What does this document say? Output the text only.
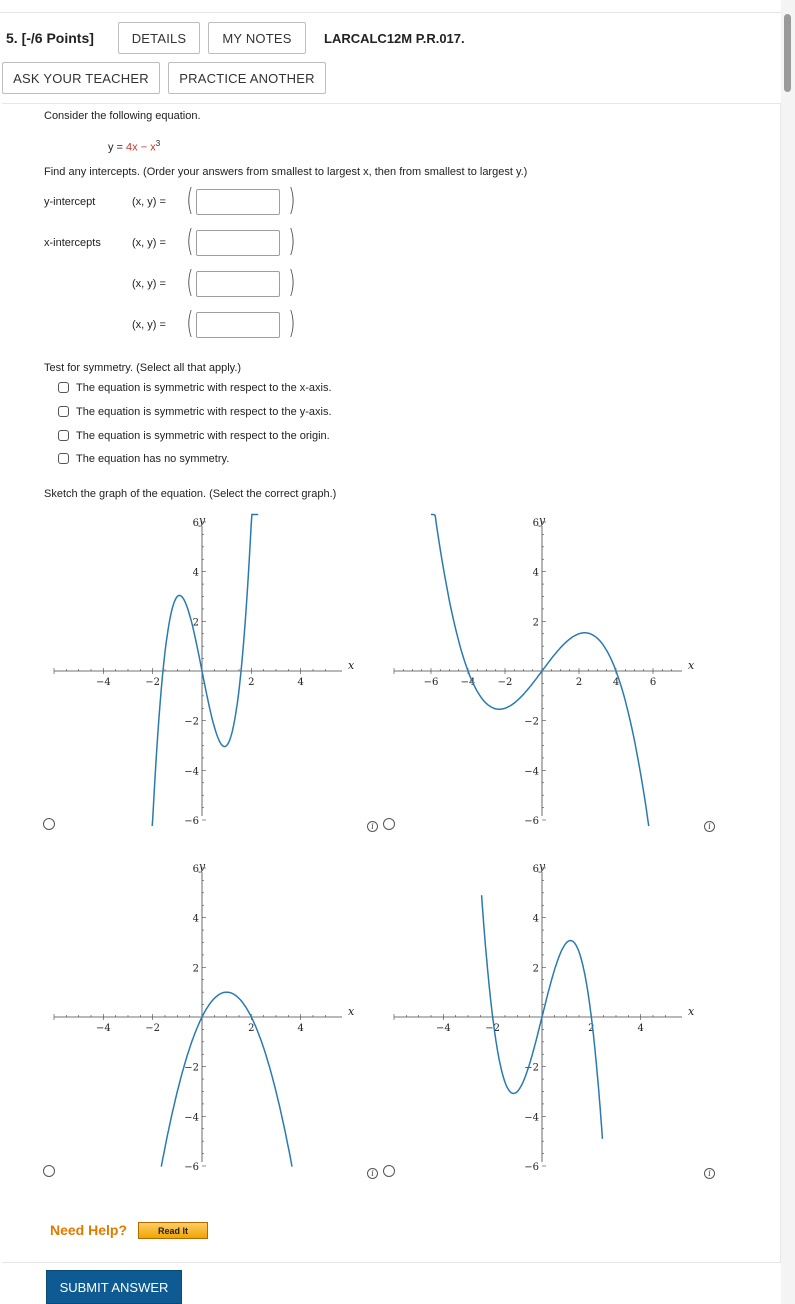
5. [-/6 Points]	DETAILS	MY NOTES	LARCALC12M P.R.017.
ASK YOUR TEACHER	PRACTICE ANOTHER
Consider the following equation.
$y = 4x - x^3$
Find any intercepts. (Order your answers from smallest to largest x, then from smallest to largest y.)
y-intercept	(x, y) = (	)
x-intercepts	(x, y) = (	)
(x, y) = (	)
(x, y) = (	)
Test for symmetry. (Select all that apply.)
The equation is symmetric with respect to the x-axis.
The equation is symmetric with respect to the y-axis.
The equation is symmetric with respect to the origin.
The equation has no symmetry.
Sketch the graph of the equation. (Select the correct graph.)
−4	−2	2	4
6
4
2
−2
−4
−6
x
y
−6 −4 −2	2	4	6
6
4
2
−2
−4
−6
x
y
−4	−2	2	4
6
4
2
−2
−4
−6
x
y
−4	−2	2	4
6
4
2
−2
−4
−6
x
y
i	i
i	i
Need Help?	Read It
SUBMIT ANSWER
